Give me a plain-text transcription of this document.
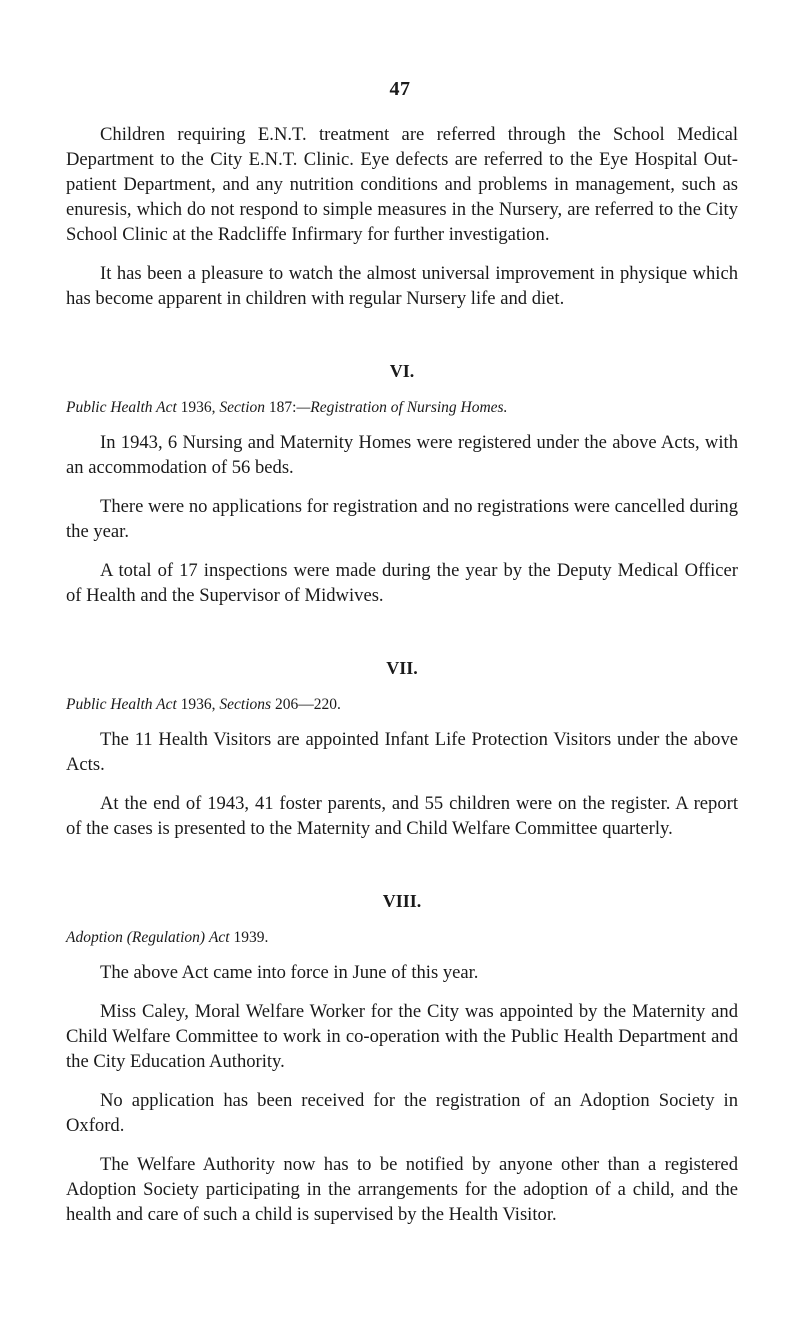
47

Children requiring E.N.T. treatment are referred through the School Medical Department to the City E.N.T. Clinic. Eye defects are referred to the Eye Hospital Out-patient Department, and any nutrition conditions and problems in management, such as enuresis, which do not respond to simple measures in the Nursery, are referred to the City School Clinic at the Radcliffe Infirmary for further investigation.

It has been a pleasure to watch the almost universal improvement in physique which has become apparent in children with regular Nursery life and diet.

VI.
Public Health Act 1936, Section 187:—Registration of Nursing Homes.

In 1943, 6 Nursing and Maternity Homes were registered under the above Acts, with an accommodation of 56 beds.

There were no applications for registration and no registrations were cancelled during the year.

A total of 17 inspections were made during the year by the Deputy Medical Officer of Health and the Supervisor of Midwives.

VII.
Public Health Act 1936, Sections 206—220.

The 11 Health Visitors are appointed Infant Life Protection Visitors under the above Acts.

At the end of 1943, 41 foster parents, and 55 children were on the register. A report of the cases is presented to the Maternity and Child Welfare Committee quarterly.

VIII.
Adoption (Regulation) Act 1939.

The above Act came into force in June of this year.

Miss Caley, Moral Welfare Worker for the City was appointed by the Maternity and Child Welfare Committee to work in co-operation with the Public Health Department and the City Education Authority.

No application has been received for the registration of an Adoption Society in Oxford.

The Welfare Authority now has to be notified by anyone other than a registered Adoption Society participating in the arrangements for the adoption of a child, and the health and care of such a child is supervised by the Health Visitor.
